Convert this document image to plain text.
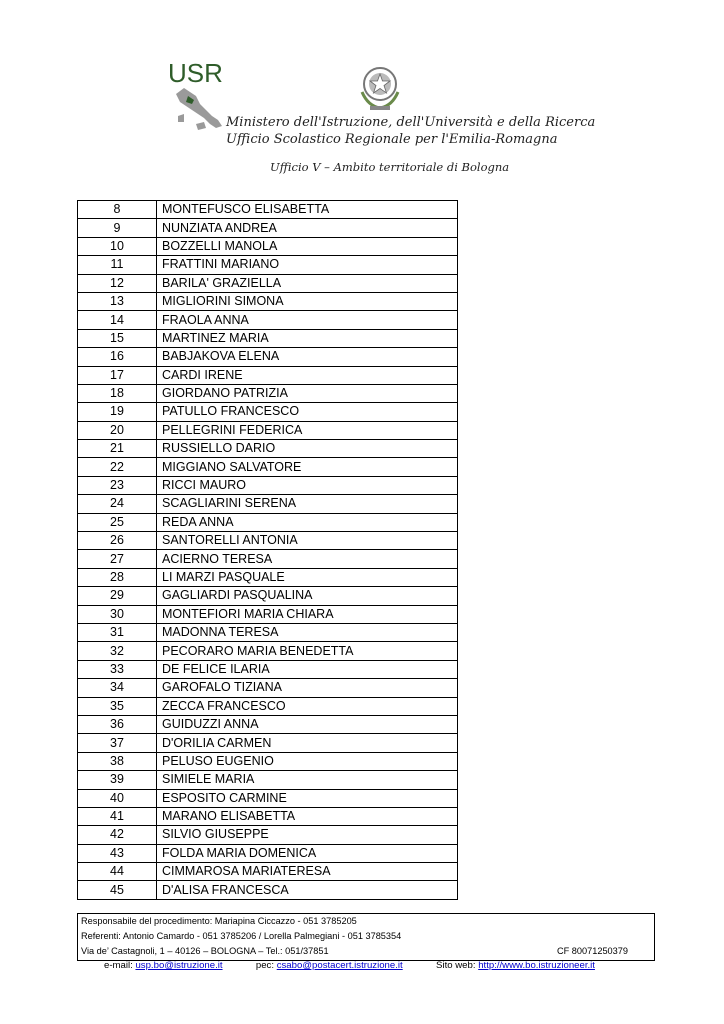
USR
Ministero dell'Istruzione, dell'Università e della Ricerca
Ufficio Scolastico Regionale per l'Emilia-Romagna
Ufficio V – Ambito territoriale di Bologna
8	MONTEFUSCO ELISABETTA
9	NUNZIATA ANDREA
10	BOZZELLI MANOLA
11	FRATTINI MARIANO
12	BARILA' GRAZIELLA
13	MIGLIORINI SIMONA
14	FRAOLA ANNA
15	MARTINEZ MARIA
16	BABJAKOVA ELENA
17	CARDI IRENE
18	GIORDANO PATRIZIA
19	PATULLO FRANCESCO
20	PELLEGRINI FEDERICA
21	RUSSIELLO DARIO
22	MIGGIANO SALVATORE
23	RICCI MAURO
24	SCAGLIARINI SERENA
25	REDA ANNA
26	SANTORELLI ANTONIA
27	ACIERNO TERESA
28	LI MARZI PASQUALE
29	GAGLIARDI PASQUALINA
30	MONTEFIORI MARIA CHIARA
31	MADONNA TERESA
32	PECORARO MARIA BENEDETTA
33	DE FELICE ILARIA
34	GAROFALO TIZIANA
35	ZECCA FRANCESCO
36	GUIDUZZI ANNA
37	D'ORILIA CARMEN
38	PELUSO EUGENIO
39	SIMIELE MARIA
40	ESPOSITO CARMINE
41	MARANO ELISABETTA
42	SILVIO GIUSEPPE
43	FOLDA MARIA DOMENICA
44	CIMMAROSA MARIATERESA
45	D'ALISA FRANCESCA
Responsabile del procedimento: Mariapina Ciccazzo - 051 3785205
Referenti: Antonio Camardo - 051 3785206 / Lorella Palmegiani - 051 3785354
Via de’ Castagnoli, 1 – 40126 – BOLOGNA – Tel.: 051/37851	CF 80071250379
e-mail: usp.bo@istruzione.it	pec: csabo@postacert.istruzione.it	Sito web: http://www.bo.istruzioneer.it
